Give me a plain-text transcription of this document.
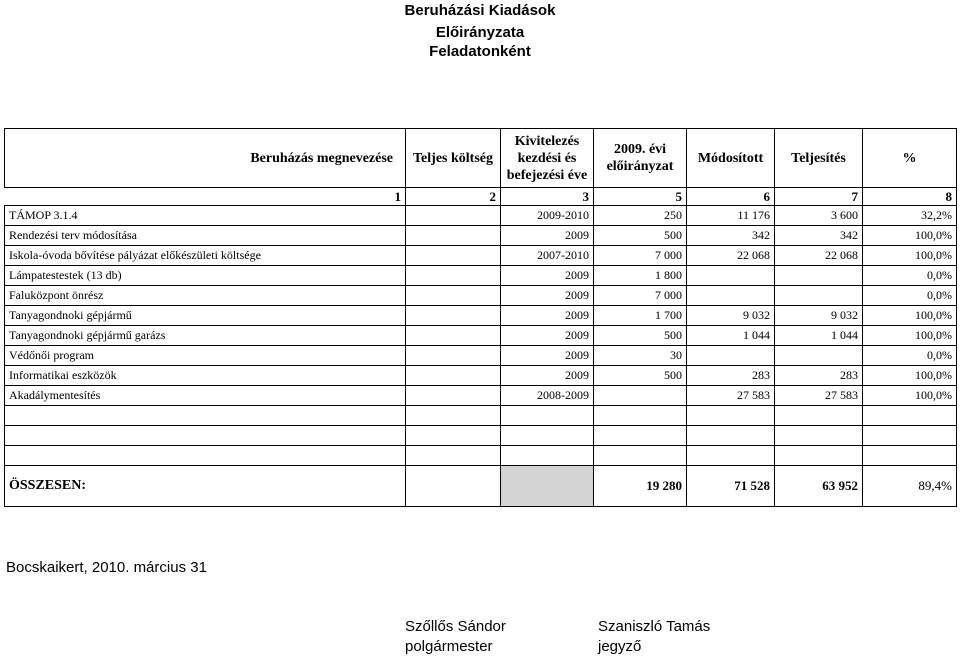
Beruházási Kiadások
Előirányzata
Feladatonként
Beruházás megnevezése	Teljes költség	Kivitelezés kezdési és befejezési éve	2009. évi előirányzat	Módosított	Teljesítés	%
1	2	3	5	6	7	8
TÁMOP 3.1.4		2009-2010	250	11 176	3 600	32,2%
Rendezési terv módosítása		2009	500	342	342	100,0%
Iskola-óvoda bővítése pályázat előkészületi költsége		2007-2010	7 000	22 068	22 068	100,0%
Lámpatestestek (13 db)		2009	1 800			0,0%
Faluközpont önrész		2009	7 000			0,0%
Tanyagondnoki gépjármű		2009	1 700	9 032	9 032	100,0%
Tanyagondnoki gépjármű garázs		2009	500	1 044	1 044	100,0%
Védőnői program		2009	30			0,0%
Informatikai eszközök		2009	500	283	283	100,0%
Akadálymentesítés		2008-2009		27 583	27 583	100,0%

ÖSSZESEN:			19 280	71 528	63 952	89,4%
Bocskaikert, 2010. március 31
Szőllős Sándor
polgármester
Szaniszló Tamás
jegyző
